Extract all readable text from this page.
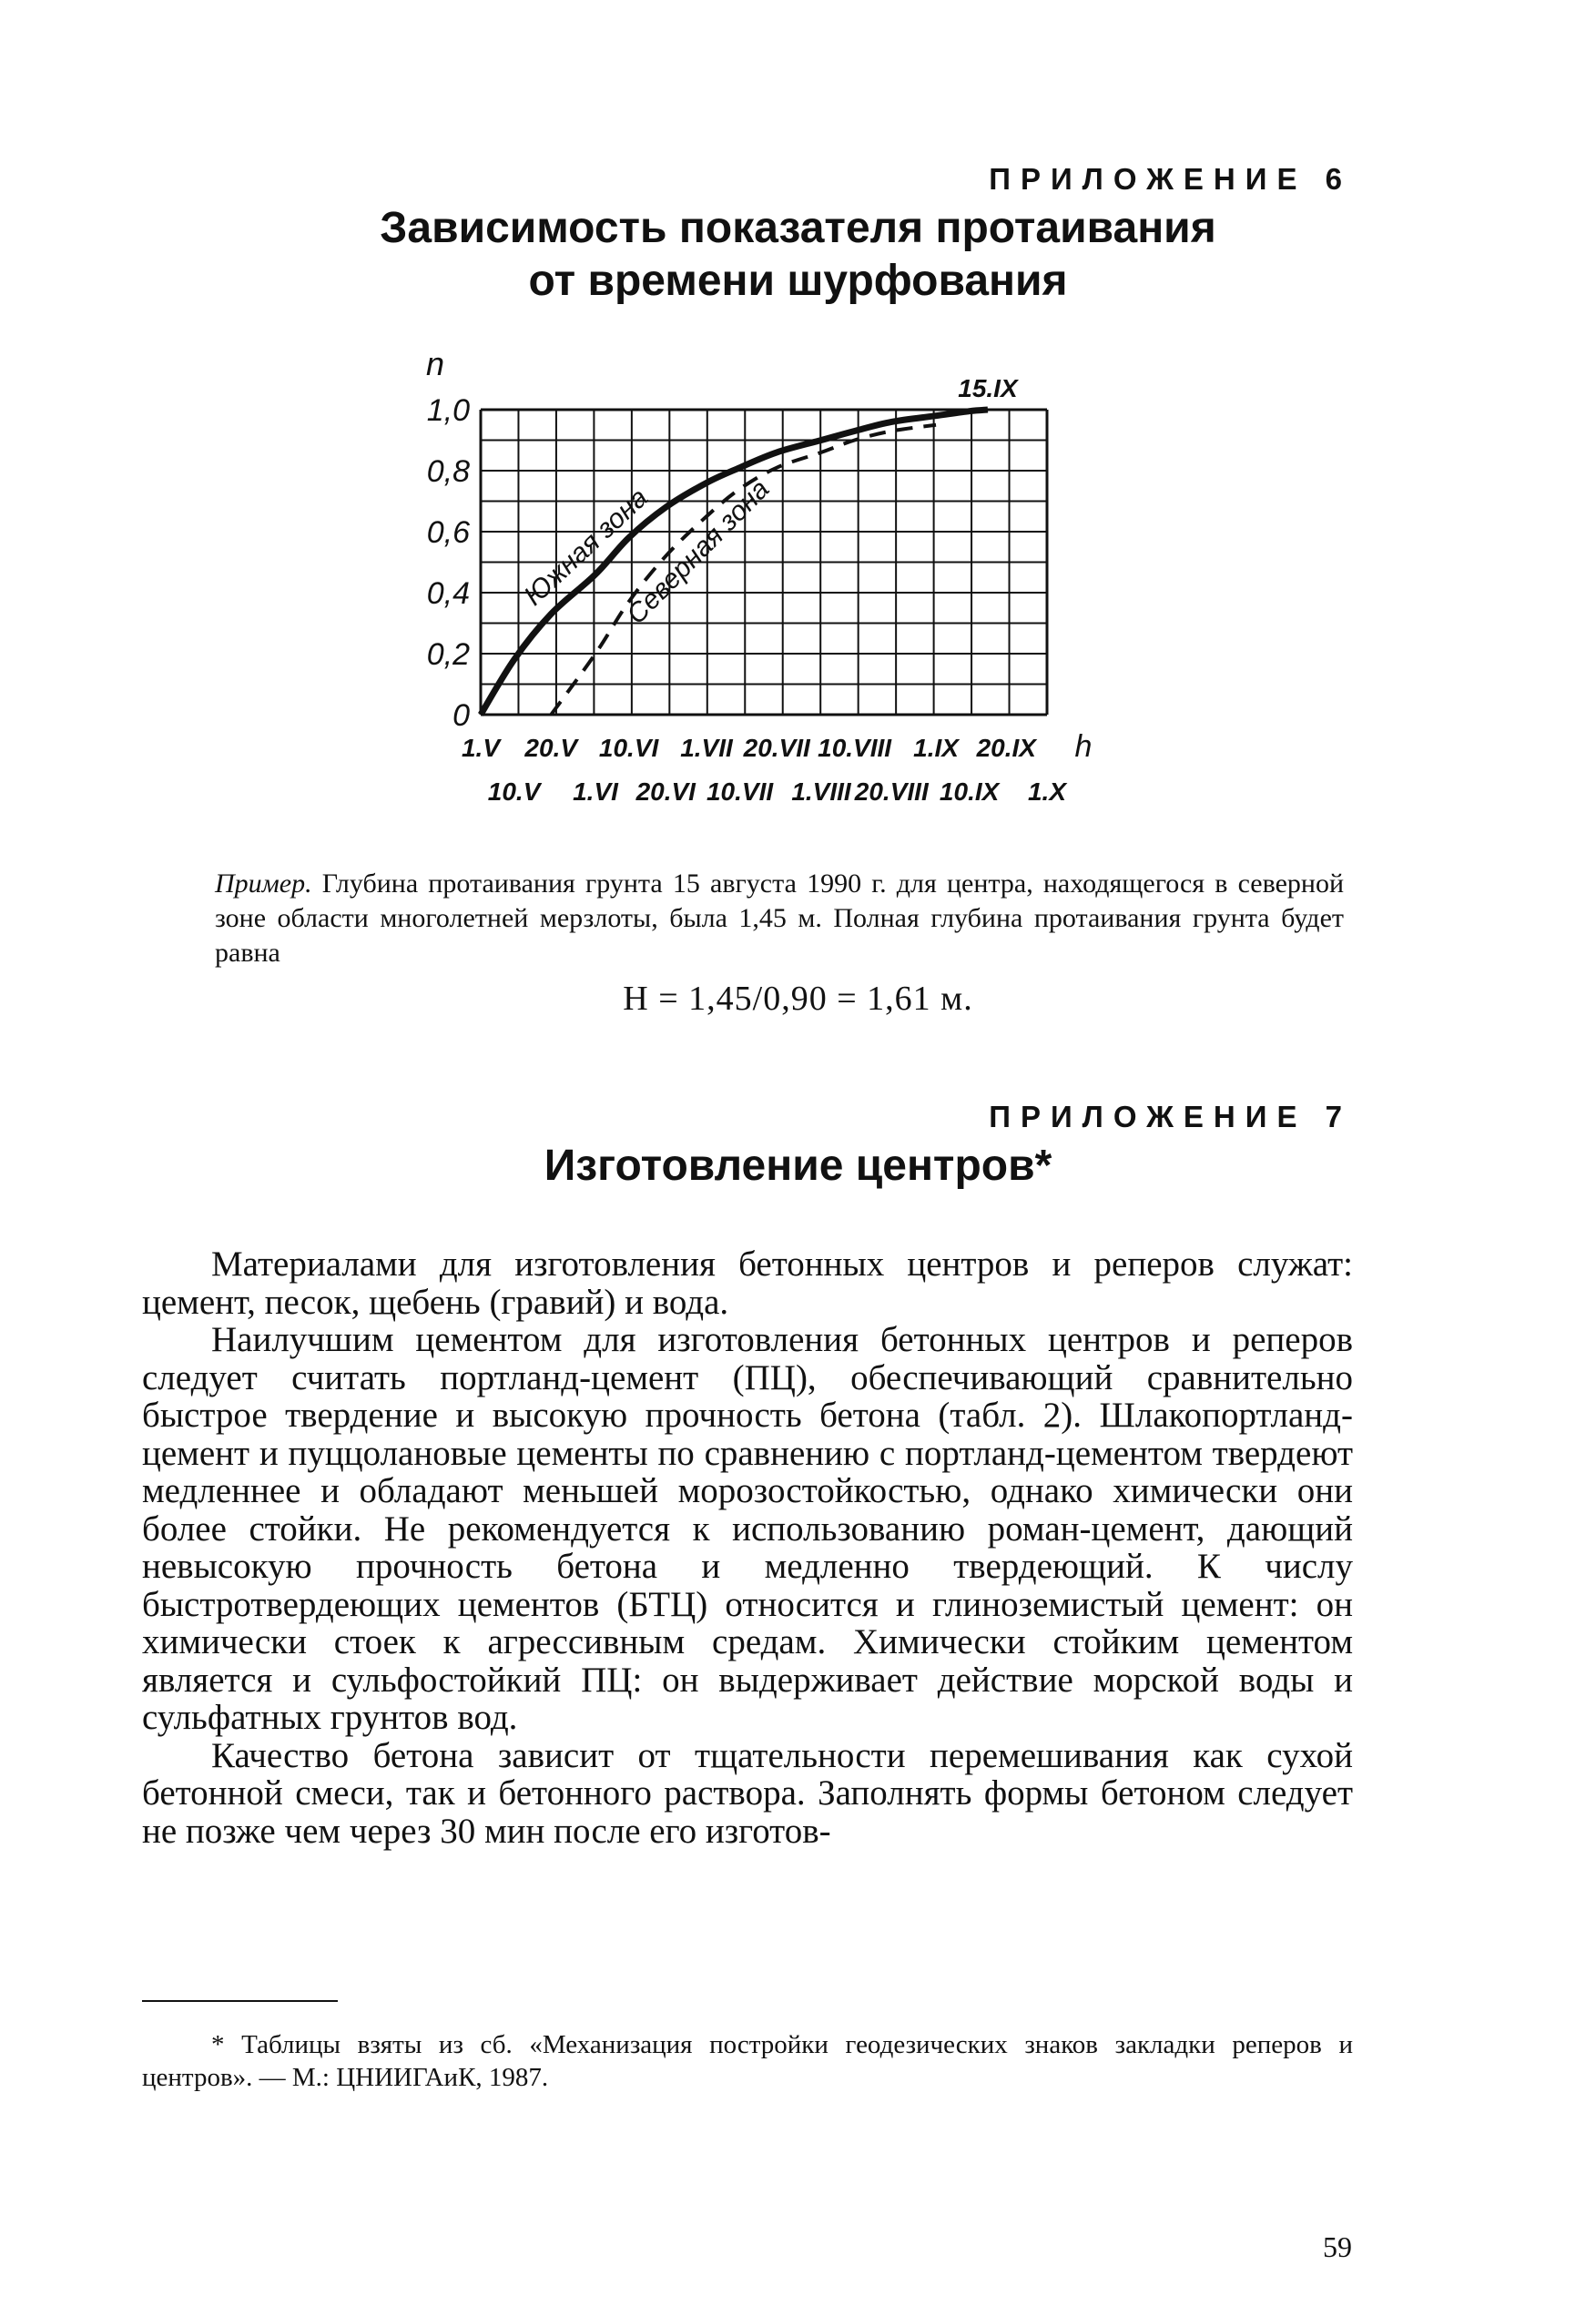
ПРИЛОЖЕНИЕ 6
Зависимость показателя протаивания
от времени шурфования
Южная зона
Северная зона
0
0,2
0,4
0,6
0,8
1,0
n
1.V 20.V 10.VI 1.VII 20.VII 10.VIII 1.IX 20.IX
10.V 1.VI 20.VI 10.VII 1.VIII 20.VIII 10.IX 1.X
h
15.IX
Пример. Глубина протаивания грунта 15 августа 1990 г. для центра, находящегося в северной зоне области многолетней мерзлоты, была 1,45 м. Полная глубина протаивания грунта будет равна
H = 1,45/0,90 = 1,61 м.
ПРИЛОЖЕНИЕ 7
Изготовление центров*

Материалами для изготовления бетонных центров и реперов служат: цемент, песок, щебень (гравий) и вода.

Наилучшим цементом для изготовления бетонных центров и реперов следует считать портланд-цемент (ПЦ), обеспечивающий сравнительно быстрое твердение и высокую прочность бетона (табл. 2). Шлакопортланд-цемент и пуццолановые цементы по сравнению с портланд-цементом твердеют медленнее и обладают меньшей морозостойкостью, однако химически они более стойки. Не рекомендуется к использованию роман-цемент, дающий невысокую прочность бетона и медленно твердеющий. К числу быстротвердеющих цементов (БТЦ) относится и глиноземистый цемент: он химически стоек к агрессивным средам. Химически стойким цементом является и сульфостойкий ПЦ: он выдерживает действие морской воды и сульфатных грунтов вод.

Качество бетона зависит от тщательности перемешивания как сухой бетонной смеси, так и бетонного раствора. Заполнять формы бетоном следует не позже чем через 30 мин после его изготов-

* Таблицы взяты из сб. «Механизация постройки геодезических знаков закладки реперов и центров». — М.: ЦНИИГАиК, 1987.
59
